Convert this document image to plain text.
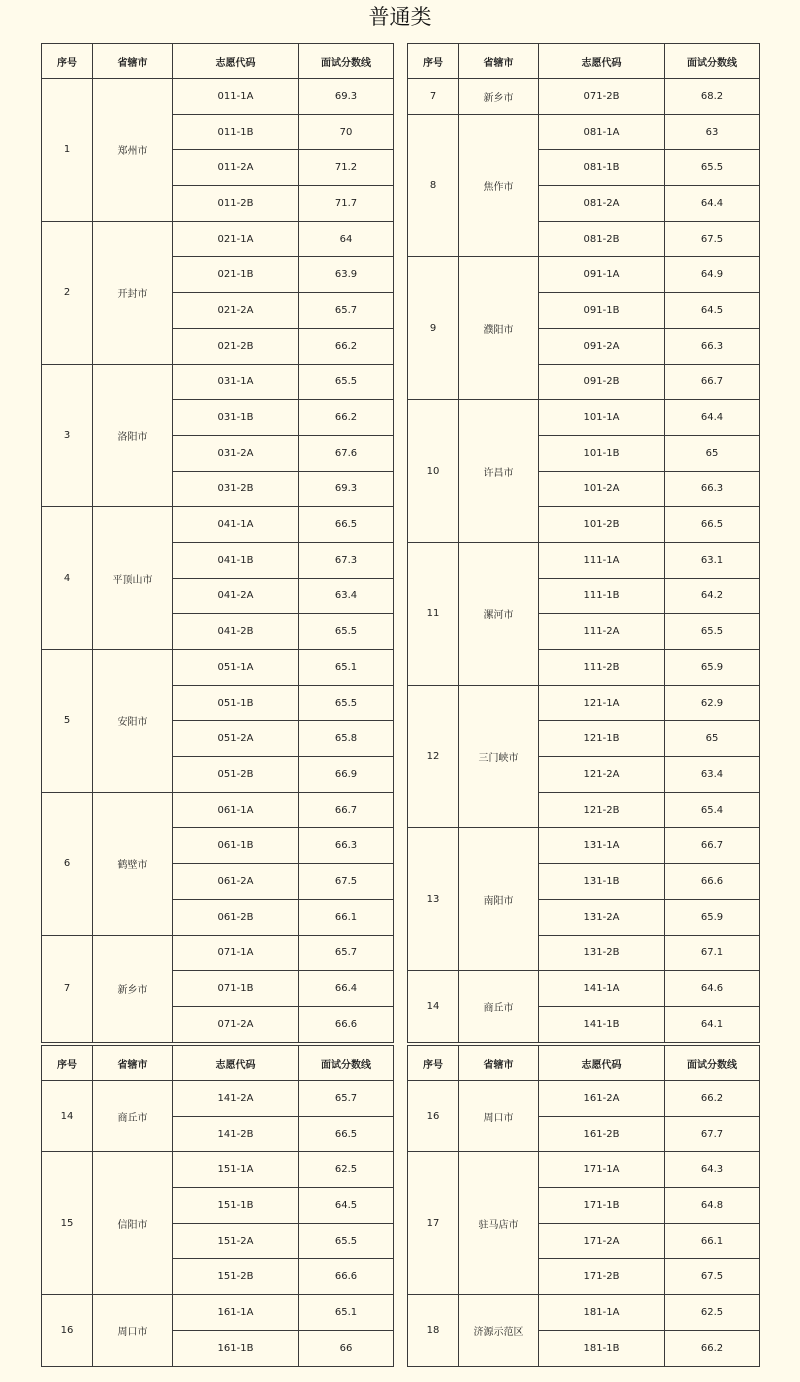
普通类
序号	省辖市	志愿代码	面试分数线
1	郑州市	011-1A	69.3
		011-1B	70
		011-2A	71.2
		011-2B	71.7
2	开封市	021-1A	64
		021-1B	63.9
		021-2A	65.7
		021-2B	66.2
3	洛阳市	031-1A	65.5
		031-1B	66.2
		031-2A	67.6
		031-2B	69.3
4	平顶山市	041-1A	66.5
		041-1B	67.3
		041-2A	63.4
		041-2B	65.5
5	安阳市	051-1A	65.1
		051-1B	65.5
		051-2A	65.8
		051-2B	66.9
6	鹤壁市	061-1A	66.7
		061-1B	66.3
		061-2A	67.5
		061-2B	66.1
7	新乡市	071-1A	65.7
		071-1B	66.4
		071-2A	66.6
序号	省辖市	志愿代码	面试分数线
7	新乡市	071-2B	68.2
8	焦作市	081-1A	63
		081-1B	65.5
		081-2A	64.4
		081-2B	67.5
9	濮阳市	091-1A	64.9
		091-1B	64.5
		091-2A	66.3
		091-2B	66.7
10	许昌市	101-1A	64.4
		101-1B	65
		101-2A	66.3
		101-2B	66.5
11	漯河市	111-1A	63.1
		111-1B	64.2
		111-2A	65.5
		111-2B	65.9
12	三门峡市	121-1A	62.9
		121-1B	65
		121-2A	63.4
		121-2B	65.4
13	南阳市	131-1A	66.7
		131-1B	66.6
		131-2A	65.9
		131-2B	67.1
14	商丘市	141-1A	64.6
		141-1B	64.1
序号	省辖市	志愿代码	面试分数线
14	商丘市	141-2A	65.7
		141-2B	66.5
15	信阳市	151-1A	62.5
		151-1B	64.5
		151-2A	65.5
		151-2B	66.6
16	周口市	161-1A	65.1
		161-1B	66
序号	省辖市	志愿代码	面试分数线
16	周口市	161-2A	66.2
		161-2B	67.7
17	驻马店市	171-1A	64.3
		171-1B	64.8
		171-2A	66.1
		171-2B	67.5
18	济源示范区	181-1A	62.5
		181-1B	66.2
